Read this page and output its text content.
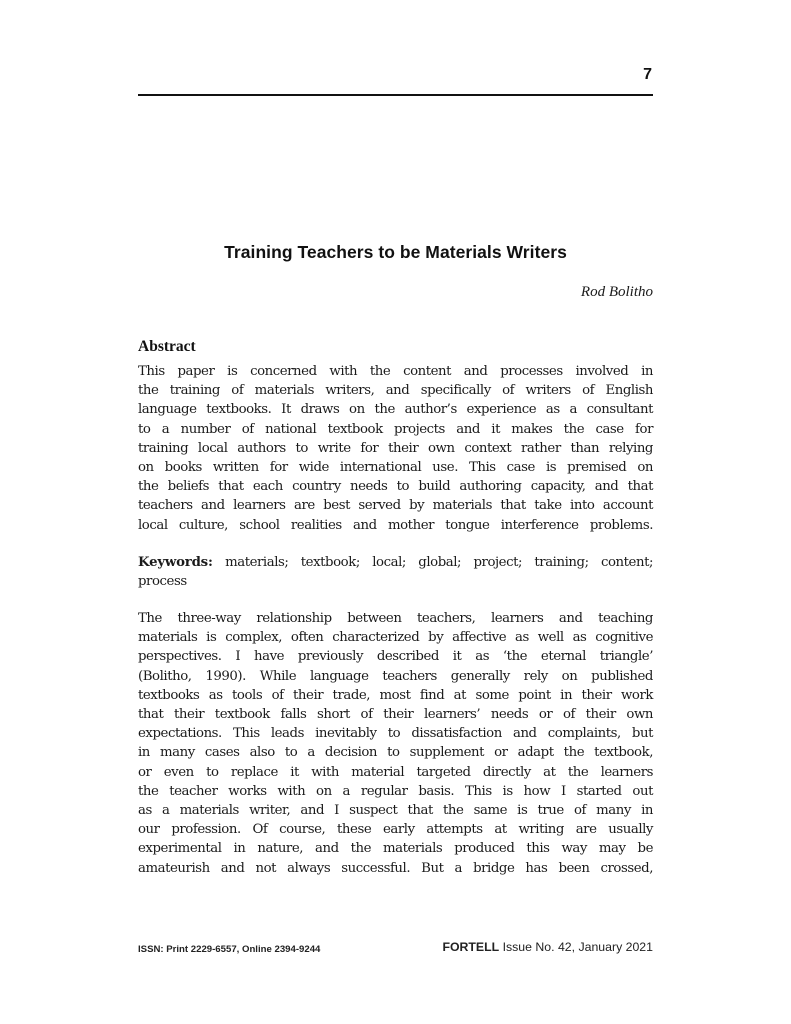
7
Training Teachers to be Materials Writers
Rod Bolitho
Abstract
This paper is concerned with the content and processes involved in
the training of materials writers, and specifically of writers of English
language textbooks. It draws on the author’s experience as a consultant
to a number of national textbook projects and it makes the case for
training local authors to write for their own context rather than relying
on books written for wide international use. This case is premised on
the beliefs that each country needs to build authoring capacity, and that
teachers and learners are best served by materials that take into account
local culture, school realities and mother tongue interference problems.
Keywords: materials; textbook; local; global; project; training; content;
process
The three-way relationship between teachers, learners and teaching
materials is complex, often characterized by affective as well as cognitive
perspectives. I have previously described it as ‘the eternal triangle’
(Bolitho, 1990). While language teachers generally rely on published
textbooks as tools of their trade, most find at some point in their work
that their textbook falls short of their learners’ needs or of their own
expectations. This leads inevitably to dissatisfaction and complaints, but
in many cases also to a decision to supplement or adapt the textbook,
or even to replace it with material targeted directly at the learners
the teacher works with on a regular basis. This is how I started out
as a materials writer, and I suspect that the same is true of many in
our profession. Of course, these early attempts at writing are usually
experimental in nature, and the materials produced this way may be
amateurish and not always successful. But a bridge has been crossed,
ISSN: Print 2229-6557, Online 2394-9244	FORTELL Issue No. 42, January 2021
